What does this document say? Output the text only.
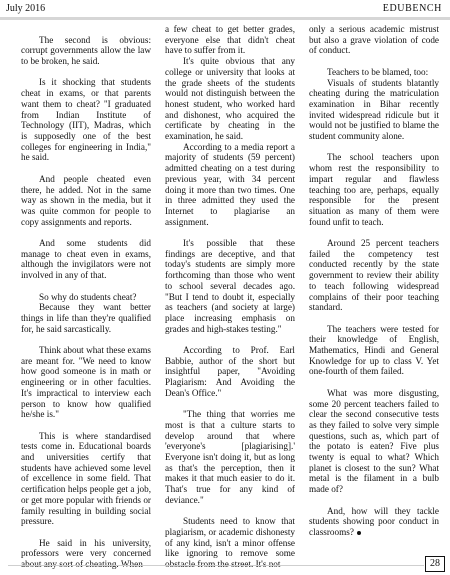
July 2016	EDUBENCH

The second is obvious: corrupt governments allow the law to be broken, he said.

Is it shocking that students cheat in exams, or that parents want them to cheat? "I graduated from Indian Institute of Technology (IIT), Madras, which is supposedly one of the best colleges for engineering in India," he said.

And people cheated even there, he added. Not in the same way as shown in the media, but it was quite common for people to copy assignments and reports.

And some students did manage to cheat even in exams, although the invigilators were not involved in any of that.

So why do students cheat?

Because they want better things in life than they're qualified for, he said sarcastically.

Think about what these exams are meant for. "We need to know how good someone is in math or engineering or in other faculties. It's impractical to interview each person to know how qualified he/she is."

This is where standardised tests come in. Educational boards and universities certify that students have achieved some level of excellence in some field. That certification helps people get a job, or get more popular with friends or family resulting in building social pressure.

He said in his university, professors were very concerned

a few cheat to get better grades, everyone else that didn't cheat have to suffer from it.

It's quite obvious that any college or university that looks at the grade sheets of the students would not distinguish between the honest student, who worked hard and dishonest, who acquired the certificate by cheating in the examination, he said.

According to a media report a majority of students (59 percent) admitted cheating on a test during previous year, with 34 percent doing it more than two times. One in three admitted they used the Internet to plagiarise an assignment.

It's possible that these findings are deceptive, and that today's students are simply more forthcoming than those who went to school several decades ago. "But I tend to doubt it, especially as teachers (and society at large) place increasing emphasis on grades and high-stakes testing."

According to Prof. Earl Babbie, author of the short but insightful paper, "Avoiding Plagiarism: And Avoiding the Dean's Office."

"The thing that worries me most is that a culture starts to develop around that where 'everyone's [plagiarising].' Everyone isn't doing it, but as long as that's the perception, then it makes it that much easier to do it. That's true for any kind of deviance."

Students need to know that plagiarism, or academic dishonesty of any kind, isn't a minor offense like ignoring to remove some

only a serious academic mistrust but also a grave violation of code of conduct.

Teachers to be blamed, too:

Visuals of students blatantly cheating during the matriculation examination in Bihar recently invited widespread ridicule but it would not be justified to blame the student community alone.

The school teachers upon whom rest the responsibility to impart regular and flawless teaching too are, perhaps, equally responsible for the present situation as many of them were found unfit to teach.

Around 25 percent teachers failed the competency test conducted recently by the state government to review their ability to teach following widespread complains of their poor teaching standard.

The teachers were tested for their knowledge of English, Mathematics, Hindi and General Knowledge for up to class V. Yet one-fourth of them failed.

What was more disgusting, some 20 percent teachers failed to clear the second consecutive tests as they failed to solve very simple questions, such as, which part of the potato is eaten? Five plus twenty is equal to what? Which planet is closest to the sun? What metal is the filament in a bulb made of?

And, how will they tackle students showing poor conduct in classrooms?

28
